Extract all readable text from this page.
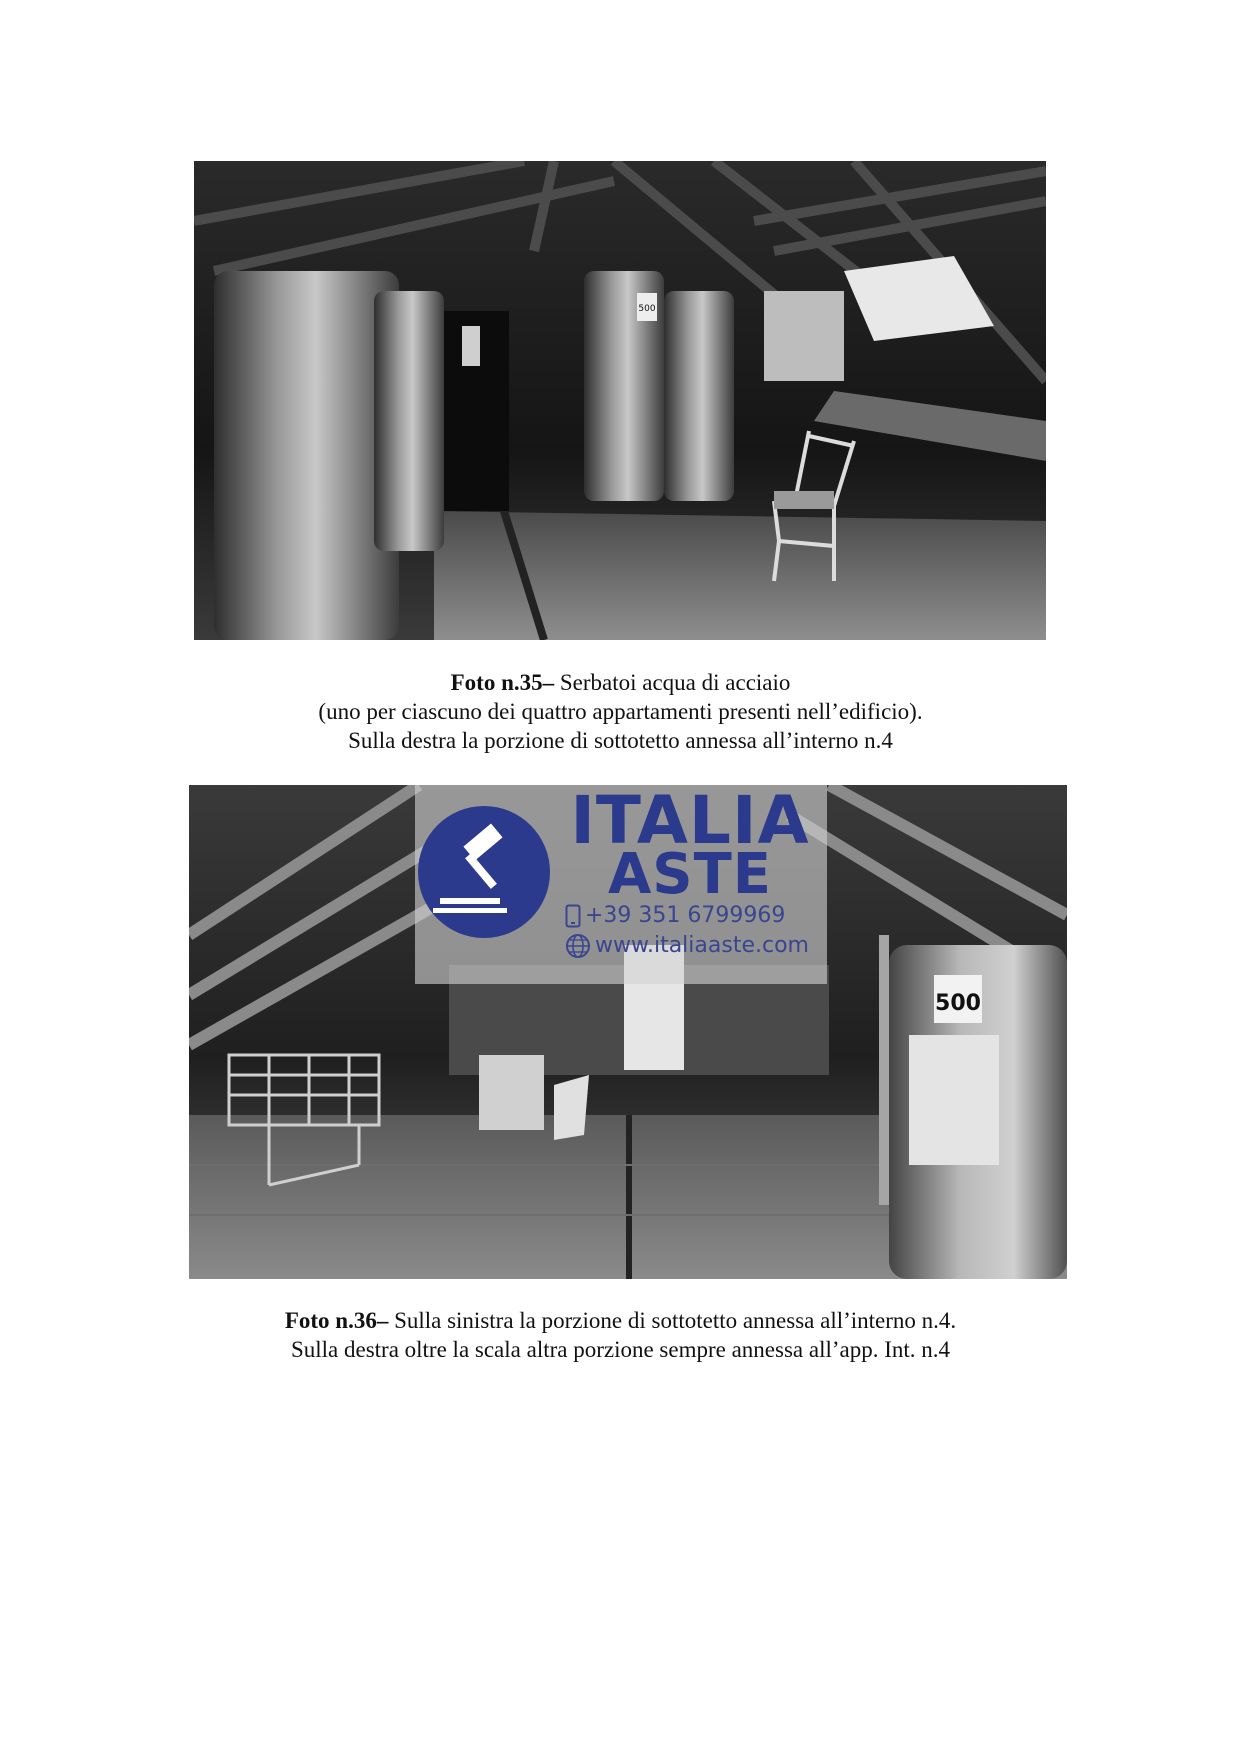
500
Foto n.35– Serbatoi acqua di acciaio
(uno per ciascuno dei quattro appartamenti presenti nell’edificio).
Sulla destra la porzione di sottotetto annessa all’interno n.4
500
ITALIA
ASTE
+39 351 6799969
www.italiaaste.com
Foto n.36– Sulla sinistra la porzione di sottotetto annessa all’interno n.4.
Sulla destra oltre la scala altra porzione sempre annessa all’app. Int. n.4
